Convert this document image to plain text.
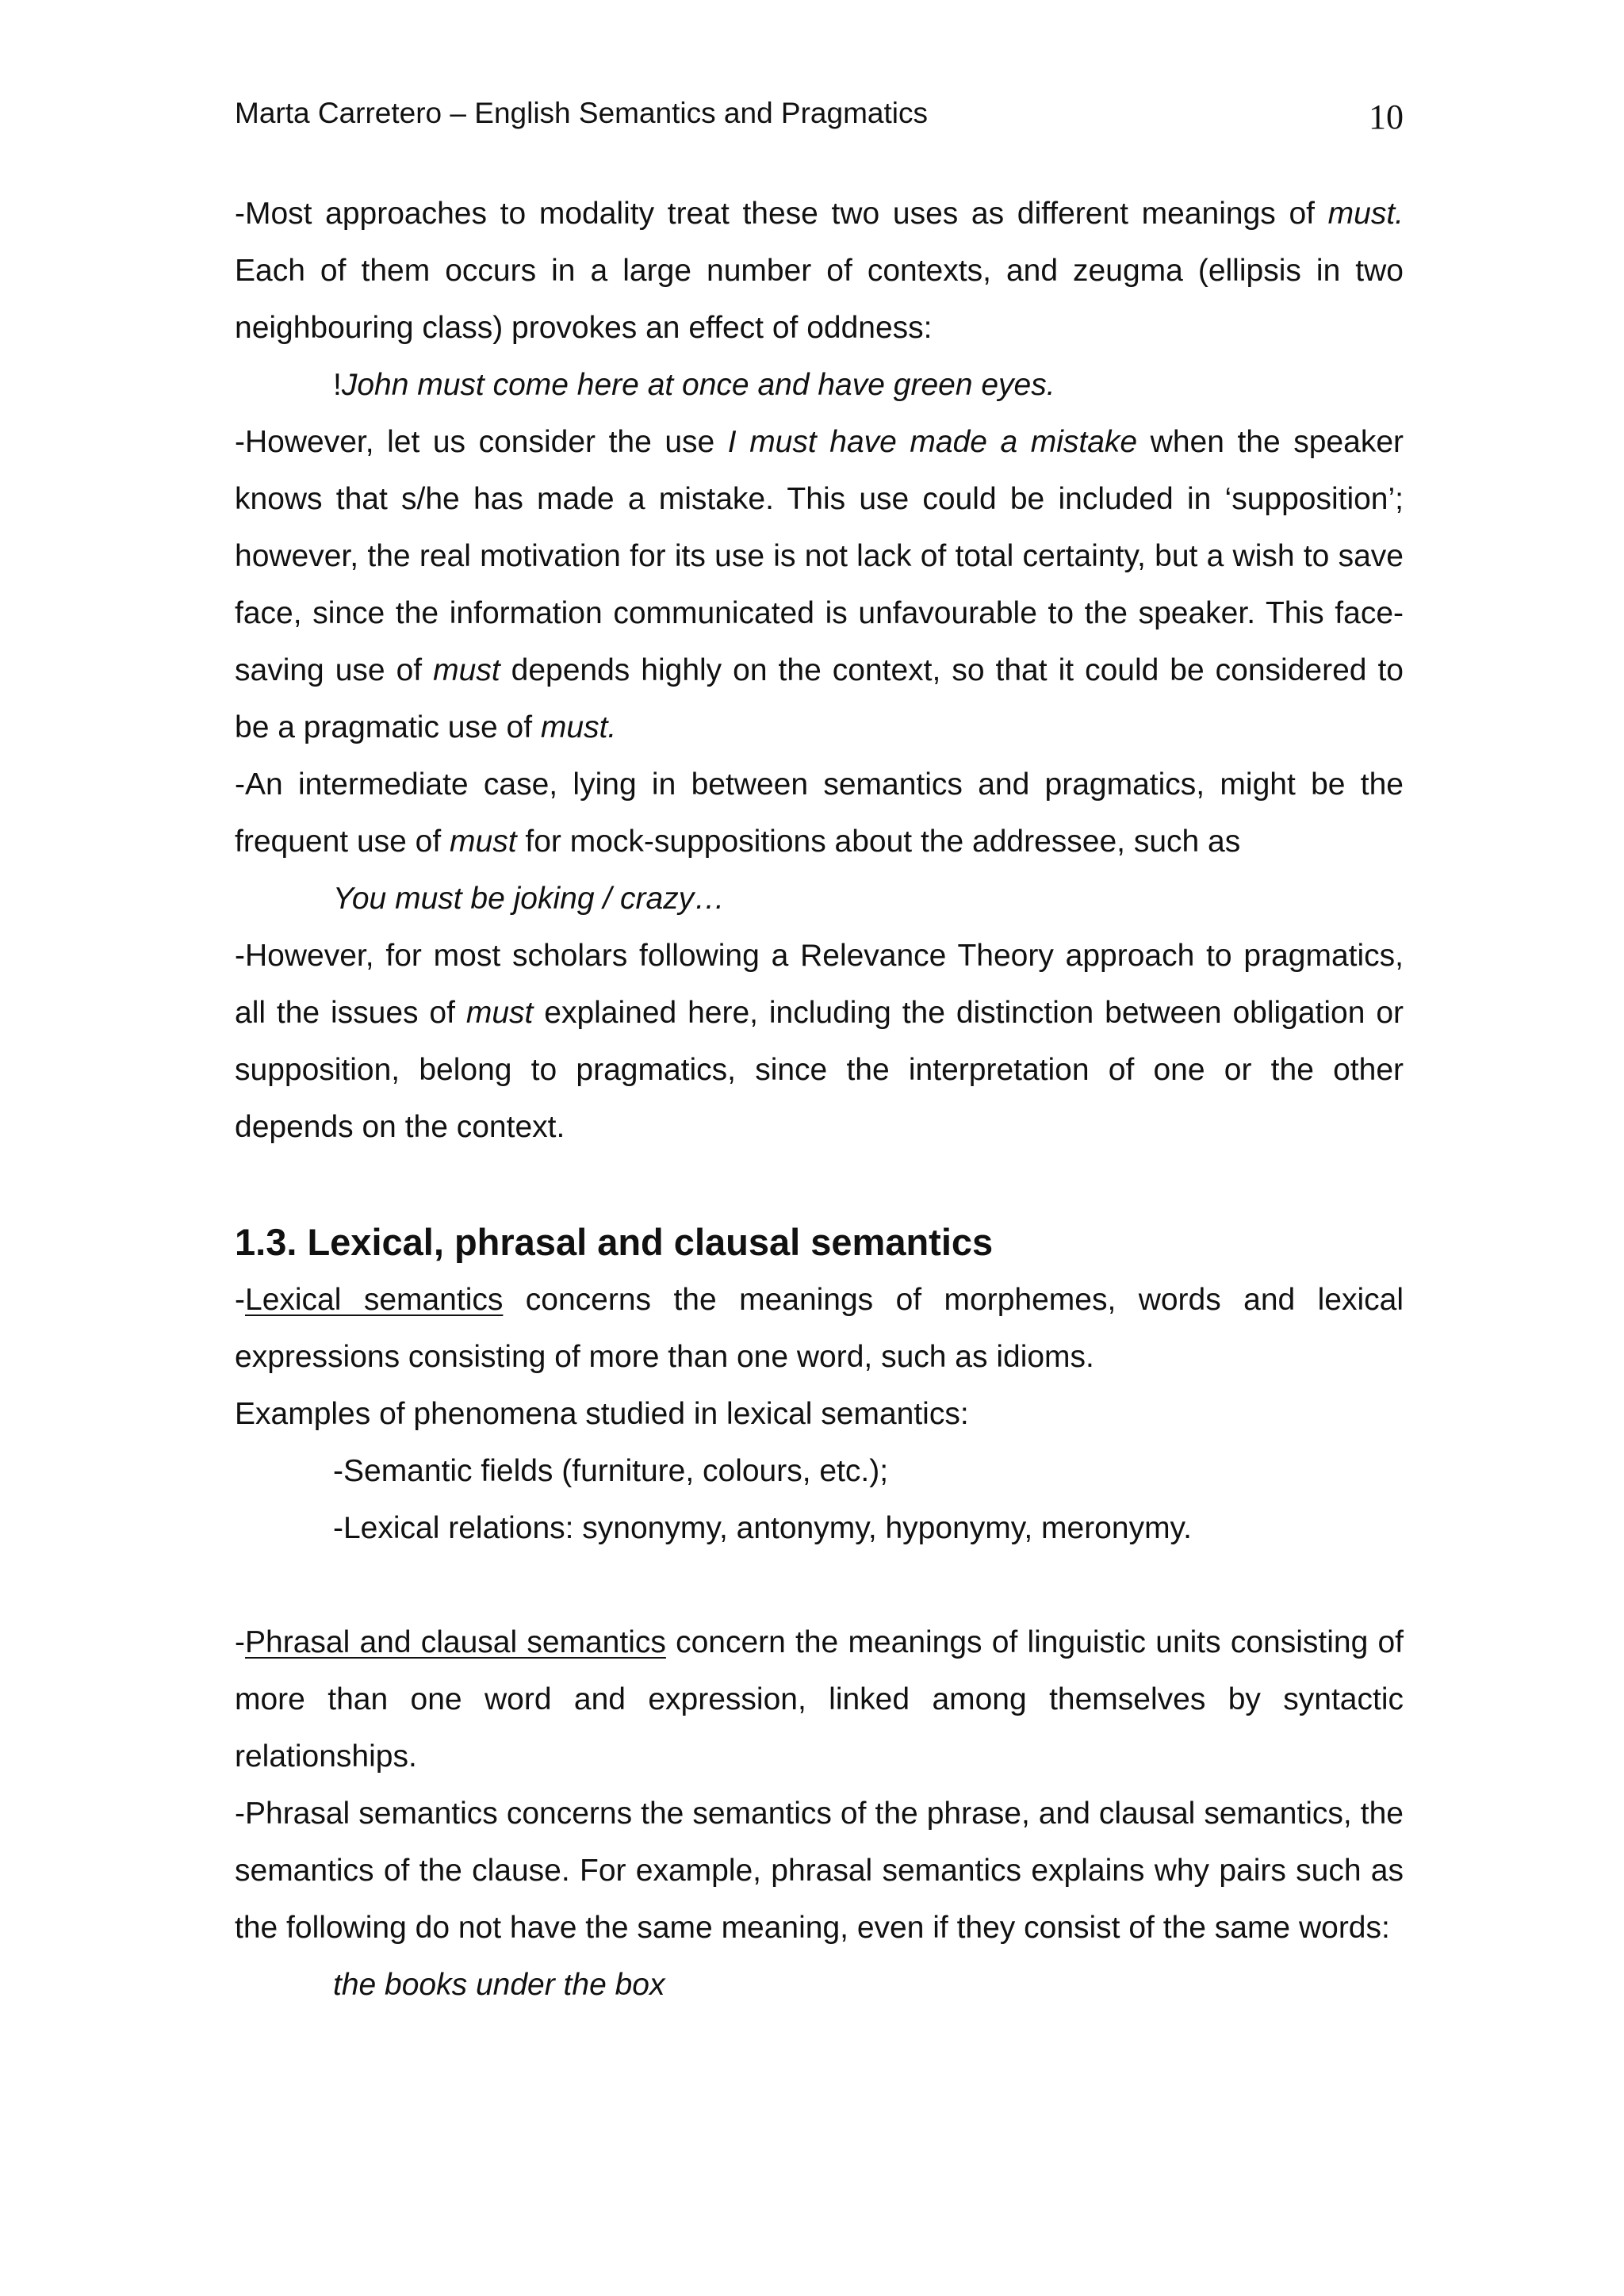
Marta Carretero – English Semantics and Pragmatics	10

-Most approaches to modality treat these two uses as different meanings of must. Each of them occurs in a large number of contexts, and zeugma (ellipsis in two neighbouring class) provokes an effect of oddness:

!John must come here at once and have green eyes.

-However, let us consider the use I must have made a mistake when the speaker knows that s/he has made a mistake. This use could be included in ‘supposition’; however, the real motivation for its use is not lack of total certainty, but a wish to save face, since the information communicated is unfavourable to the speaker. This face-saving use of must depends highly on the context, so that it could be considered to be a pragmatic use of must.

-An intermediate case, lying in between semantics and pragmatics, might be the frequent use of must for mock-suppositions about the addressee, such as

You must be joking / crazy…

-However, for most scholars following a Relevance Theory approach to pragmatics, all the issues of must explained here, including the distinction between obligation or supposition, belong to pragmatics, since the interpretation of one or the other depends on the context.

1.3. Lexical, phrasal and clausal semantics

-Lexical semantics concerns the meanings of morphemes, words and lexical expressions consisting of more than one word, such as idioms.

Examples of phenomena studied in lexical semantics:

-Semantic fields (furniture, colours, etc.);

-Lexical relations: synonymy, antonymy, hyponymy, meronymy.

-Phrasal and clausal semantics concern the meanings of linguistic units consisting of more than one word and expression, linked among themselves by syntactic relationships.

-Phrasal semantics concerns the semantics of the phrase, and clausal semantics, the semantics of the clause. For example, phrasal semantics explains why pairs such as the following do not have the same meaning, even if they consist of the same words:

the books under the box
